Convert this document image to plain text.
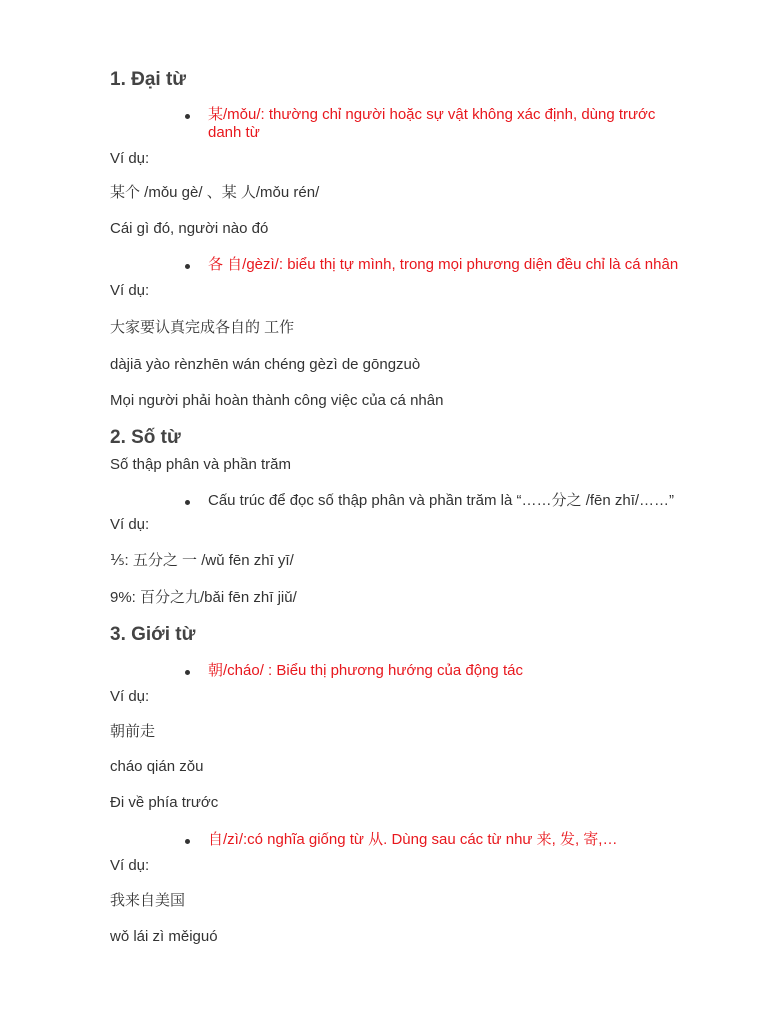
1. Đại từ
某/mǒu/: thường chỉ người hoặc sự vật không xác định, dùng trước danh từ
Ví dụ:
某个 /mǒu gè/ 、某 人/mǒu rén/
Cái gì đó, người nào đó
各 自/gèzì/: biểu thị tự mình, trong mọi phương diện đều chỉ là cá nhân
Ví dụ:
大家要认真完成各自的 工作
dàjiā yào rènzhēn wán chéng gèzì de gōngzuò
Mọi người phải hoàn thành công việc của cá nhân
2. Số từ
Số thập phân và phần trăm
Cấu trúc để đọc số thập phân và phần trăm là “……分之 /fēn zhī/……”
Ví dụ:
⅕: 五分之 一 /wǔ fēn zhī yī/
9%: 百分之九/bǎi fēn zhī jiǔ/
3. Giới từ
朝/cháo/ : Biểu thị phương hướng của động tác
Ví dụ:
朝前走
cháo qián zǒu
Đi về phía trước
自/zì/:có nghĩa giống từ 从. Dùng sau các từ như 来, 发, 寄,…
Ví dụ:
我来自美国
wǒ lái zì měiguó
